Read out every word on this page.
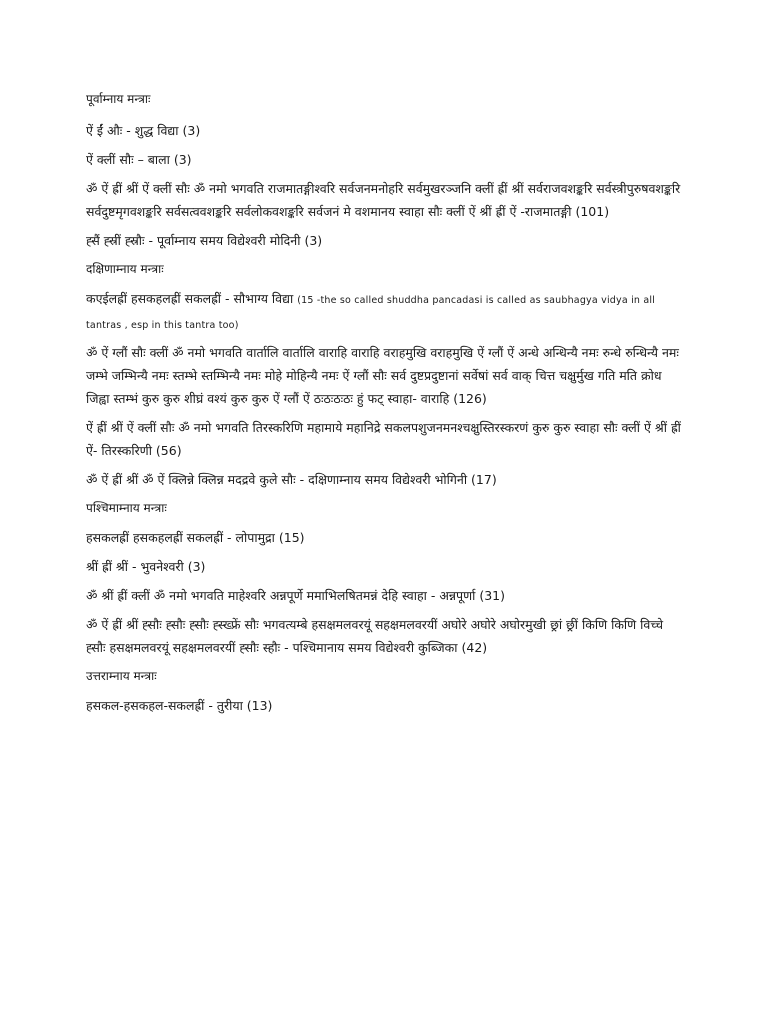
पूर्वाम्नाय मन्त्राः

ऐं ईं औः - शुद्ध विद्या (3)

ऐं क्लीं सौः – बाला (3)

ॐ ऐं ह्रीं श्रीं ऐं क्लीं सौः ॐ नमो भगवति राजमातङ्गीश्वरि सर्वजनमनोहरि सर्वमुखरञ्जनि क्लीं ह्रीं श्रीं सर्वराजवशङ्करि सर्वस्त्रीपुरुषवशङ्करि सर्वदुष्टमृगवशङ्करि सर्वसत्ववशङ्करि सर्वलोकवशङ्करि सर्वजनं मे वशमानय स्वाहा सौः क्लीं ऐं श्रीं ह्रीं ऐं -राजमातङ्गी (101)

ह्सैं ह्स्रीं ह्स्रौः - पूर्वाम्नाय समय विद्येश्वरी मोदिनी (3)

दक्षिणाम्नाय मन्त्राः

कएईलह्रीं हसकहलह्रीं सकलह्रीं - सौभाग्य विद्या (15 -the so called shuddha pancadasi is called as saubhagya vidya in all tantras , esp in this tantra too)

ॐ ऐं ग्लौं सौः क्लीं ॐ नमो भगवति वार्तालि वार्तालि वाराहि वाराहि वराहमुखि वराहमुखि ऐं ग्लौं ऐं अन्धे अन्धिन्यै नमः रुन्धे रुन्धिन्यै नमः जम्भे जम्भिन्यै नमः स्तम्भे स्तम्भिन्यै नमः मोहे मोहिन्यै नमः ऐं ग्लौं सौः सर्व दुष्टप्रदुष्टानां सर्वेषां सर्व वाक् चित्त चक्षुर्मुख गति मति क्रोध जिह्वा स्तम्भं कुरु कुरु शीघ्रं वश्यं कुरु कुरु ऐं ग्लौं ऐं ठःठःठःठः हुं फट् स्वाहा- वाराहि (126)

ऐं ह्रीं श्रीं ऐं क्लीं सौः ॐ नमो भगवति तिरस्करिणि महामाये महानिद्रे सकलपशुजनमनश्चक्षुस्तिरस्करणं कुरु कुरु स्वाहा सौः क्लीं ऐं श्रीं ह्रीं ऐं- तिरस्करिणी (56)

ॐ ऐं ह्रीं श्रीं ॐ ऐं क्लिन्ने क्लिन्न मदद्रवे कुले सौः - दक्षिणाम्नाय समय विद्येश्वरी भोगिनी (17)

पश्चिमाम्नाय मन्त्राः

हसकलह्रीं हसकहलह्रीं सकलह्रीं - लोपामुद्रा (15)

श्रीं ह्रीं श्रीं - भुवनेश्वरी (3)

ॐ श्रीं ह्रीं क्लीं ॐ नमो भगवति माहेश्वरि अन्नपूर्णे ममाभिलषितमन्नं देहि स्वाहा - अन्नपूर्णा (31)

ॐ ऐं ह्रीं श्रीं ह्सौः ह्सौः ह्सौः ह्स्ख्फ्रें सौः भगवत्यम्बे हसक्षमलवरयूं सहक्षमलवरयीं अघोरे अघोरे अघोरमुखी छ्रां छ्रीं किणि किणि विच्चे ह्सौः हसक्षमलवरयूं सहक्षमलवरयीं ह्सौः स्हौः - पश्चिमानाय समय विद्येश्वरी कुब्जिका (42)

उत्तराम्नाय मन्त्राः

हसकल-हसकहल-सकलह्रीं - तुरीया (13)
